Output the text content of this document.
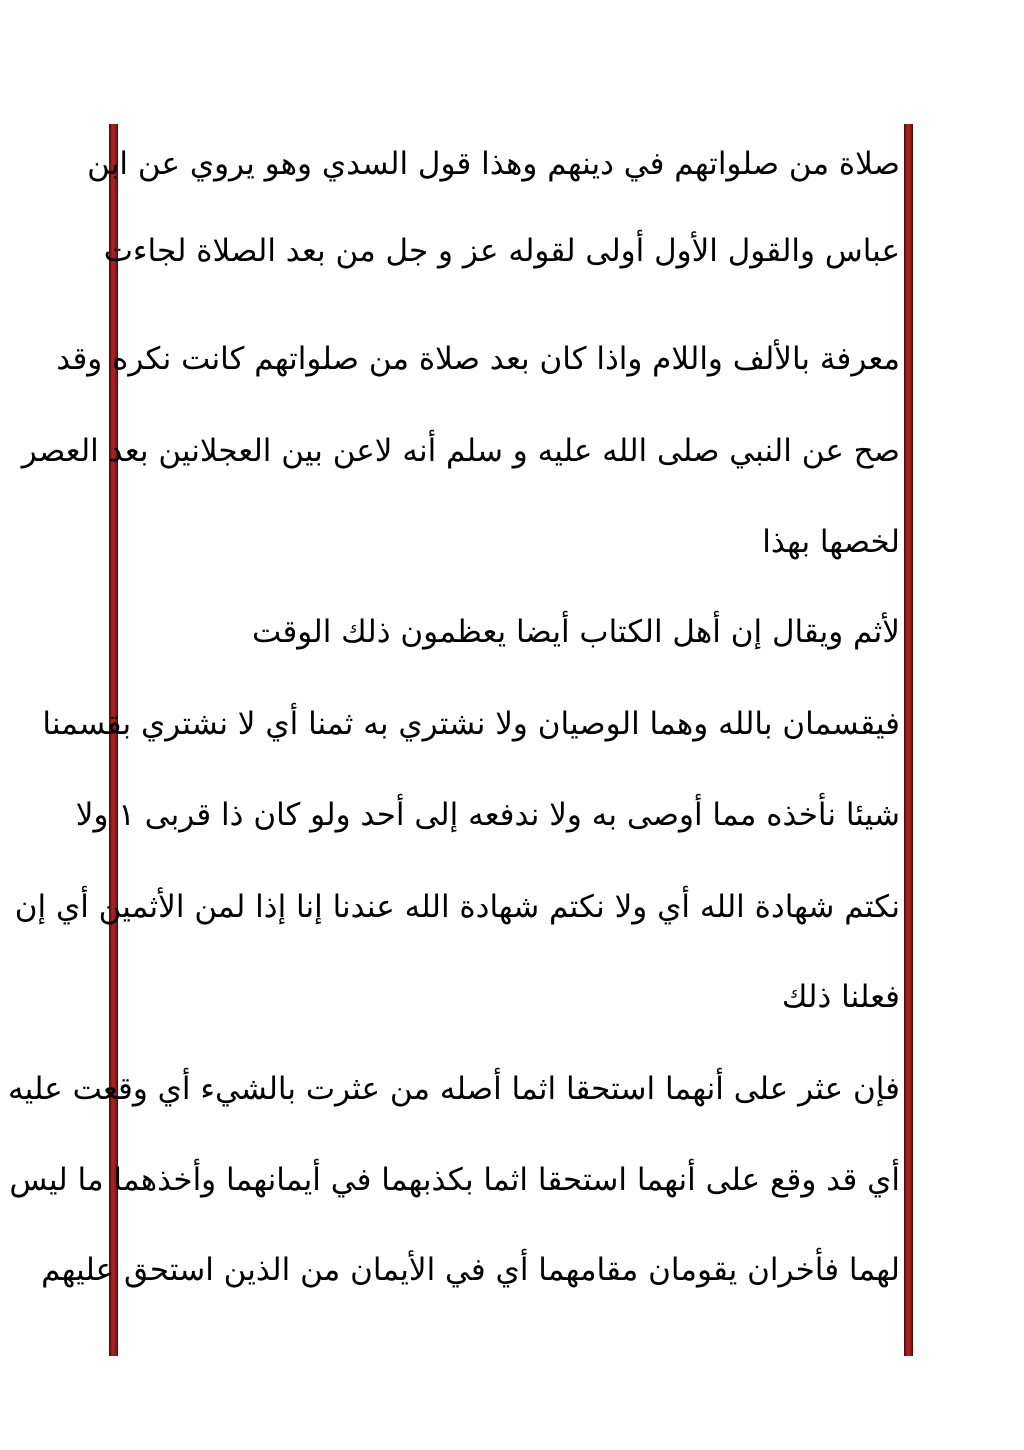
صلاة من صلواتهم في دينهم وهذا قول السدي وهو يروي عن ابن
عباس والقول الأول أولى لقوله عز و جل من بعد الصلاة لجاءت
معرفة بالألف واللام واذا كان بعد صلاة من صلواتهم كانت نكره وقد
صح عن النبي صلى الله عليه و سلم أنه لاعن بين العجلانين بعد العصر
لخصها بهذا
لأثم ويقال إن أهل الكتاب أيضا يعظمون ذلك الوقت
فيقسمان بالله وهما الوصيان ولا نشتري به ثمنا أي لا نشتري بقسمنا
شيئا نأخذه مما أوصى به ولا ندفعه إلى أحد ولو كان ذا قربى ١ ولا
نكتم شهادة الله أي ولا نكتم شهادة الله عندنا إنا إذا لمن الأثمين أي إن
فعلنا ذلك
فإن عثر على أنهما استحقا اثما أصله من عثرت بالشيء أي وقعت عليه
أي قد وقع على أنهما استحقا اثما بكذبهما في أيمانهما وأخذهما ما ليس
لهما فأخران يقومان مقامهما أي في الأيمان من الذين استحق عليهم
